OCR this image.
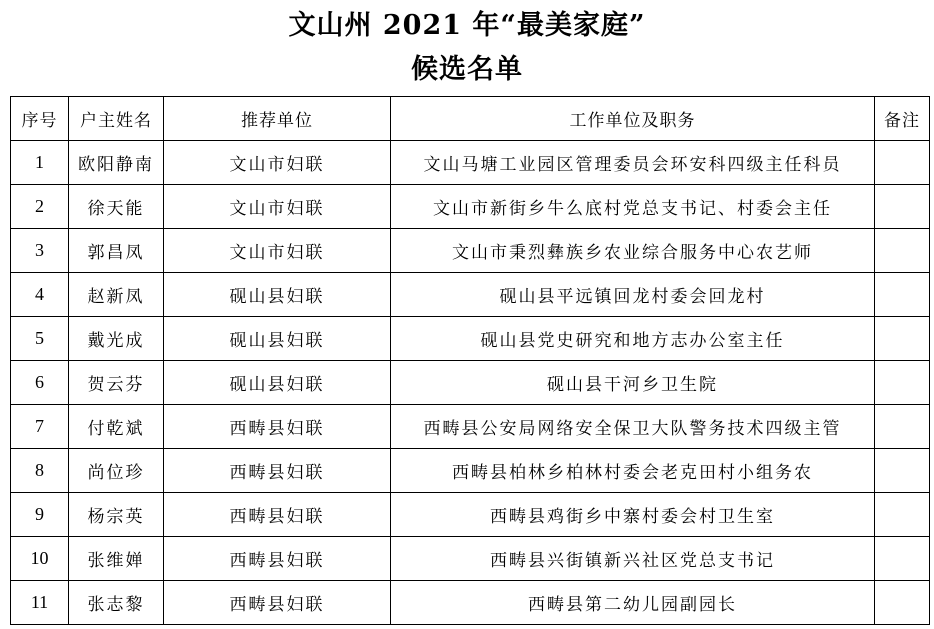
文山州 2021 年“最美家庭”
候选名单
序号	户主姓名	推荐单位	工作单位及职务	备注
1	欧阳静南	文山市妇联	文山马塘工业园区管理委员会环安科四级主任科员	
2	徐天能	文山市妇联	文山市新街乡牛么底村党总支书记、村委会主任	
3	郭昌凤	文山市妇联	文山市秉烈彝族乡农业综合服务中心农艺师	
4	赵新凤	砚山县妇联	砚山县平远镇回龙村委会回龙村	
5	戴光成	砚山县妇联	砚山县党史研究和地方志办公室主任	
6	贺云芬	砚山县妇联	砚山县干河乡卫生院	
7	付乾斌	西畴县妇联	西畴县公安局网络安全保卫大队警务技术四级主管	
8	尚位珍	西畴县妇联	西畴县柏林乡柏林村委会老克田村小组务农	
9	杨宗英	西畴县妇联	西畴县鸡街乡中寨村委会村卫生室	
10	张维婵	西畴县妇联	西畴县兴街镇新兴社区党总支书记	
11	张志黎	西畴县妇联	西畴县第二幼儿园副园长	
